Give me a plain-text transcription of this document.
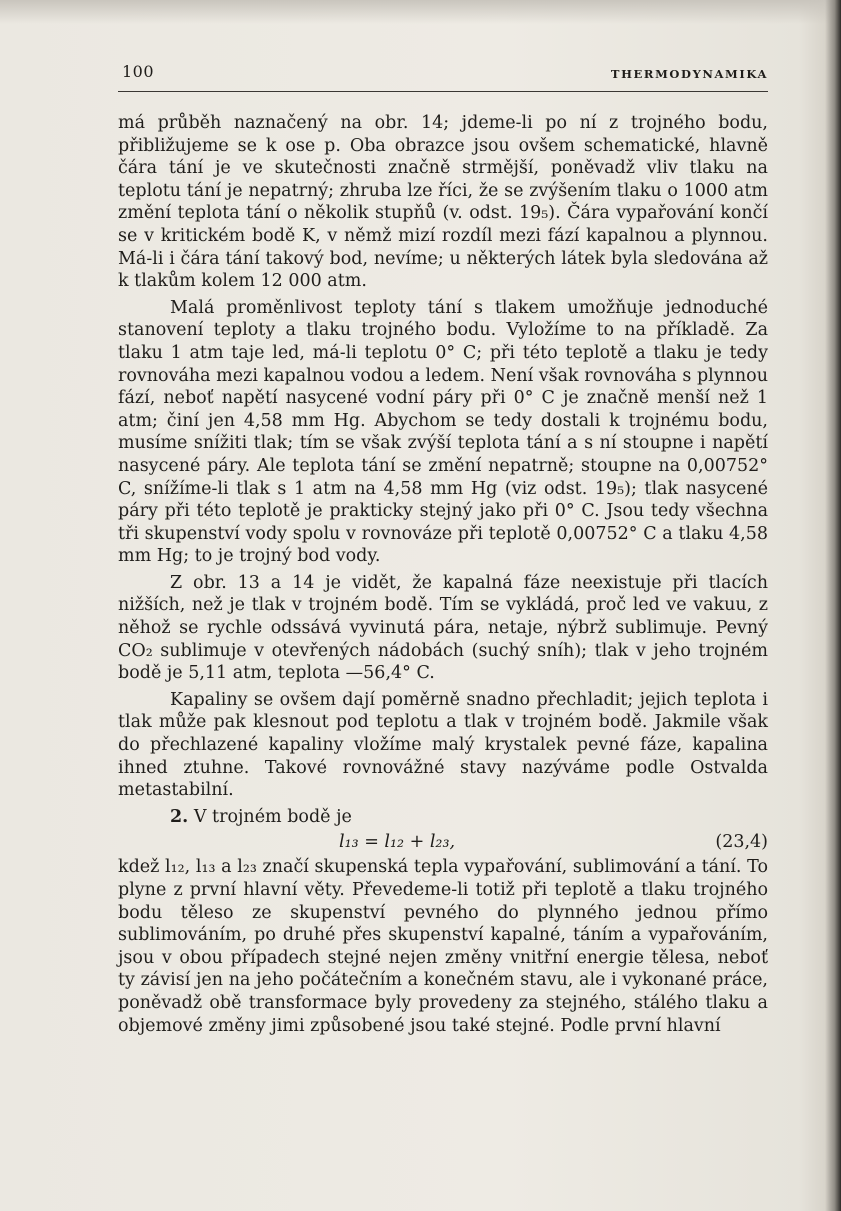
100	THERMODYNAMIKA

má průběh naznačený na obr. 14; jdeme-li po ní z trojného bodu, přibližujeme se k ose p. Oba obrazce jsou ovšem schematické, hlavně čára tání je ve skutečnosti značně strmější, poněvadž vliv tlaku na teplotu tání je nepatrný; zhruba lze říci, že se zvýšením tlaku o 1000 atm změní teplota tání o několik stupňů (v. odst. 19₅). Čára vypařování končí se v kritickém bodě K, v němž mizí rozdíl mezi fází kapalnou a plynnou. Má-li i čára tání takový bod, nevíme; u některých látek byla sledována až k tlakům kolem 12 000 atm.

Malá proměnlivost teploty tání s tlakem umožňuje jednoduché stanovení teploty a tlaku trojného bodu. Vyložíme to na příkladě. Za tlaku 1 atm taje led, má-li teplotu 0° C; při této teplotě a tlaku je tedy rovnováha mezi kapalnou vodou a ledem. Není však rovnováha s plynnou fází, neboť napětí nasycené vodní páry při 0° C je značně menší než 1 atm; činí jen 4,58 mm Hg. Abychom se tedy dostali k trojnému bodu, musíme snížiti tlak; tím se však zvýší teplota tání a s ní stoupne i napětí nasycené páry. Ale teplota tání se změní nepatrně; stoupne na 0,00752° C, snížíme-li tlak s 1 atm na 4,58 mm Hg (viz odst. 19₅); tlak nasycené páry při této teplotě je prakticky stejný jako při 0° C. Jsou tedy všechna tři skupenství vody spolu v rovnováze při teplotě 0,00752° C a tlaku 4,58 mm Hg; to je trojný bod vody.

Z obr. 13 a 14 je vidět, že kapalná fáze neexistuje při tlacích nižších, než je tlak v trojném bodě. Tím se vykládá, proč led ve vakuu, z něhož se rychle odssává vyvinutá pára, netaje, nýbrž sublimuje. Pevný CO₂ sublimuje v otevřených nádobách (suchý sníh); tlak v jeho trojném bodě je 5,11 atm, teplota —56,4° C.

Kapaliny se ovšem dají poměrně snadno přechladit; jejich teplota i tlak může pak klesnout pod teplotu a tlak v trojném bodě. Jakmile však do přechlazené kapaliny vložíme malý krystalek pevné fáze, kapalina ihned ztuhne. Takové rovnovážné stavy nazýváme podle Ostvalda metastabilní.

2. V trojném bodě je

l₁₃ = l₁₂ + l₂₃,	(23,4)

kdež l₁₂, l₁₃ a l₂₃ značí skupenská tepla vypařování, sublimování a tání. To plyne z první hlavní věty. Převedeme-li totiž při teplotě a tlaku trojného bodu těleso ze skupenství pevného do plynného jednou přímo sublimováním, po druhé přes skupenství kapalné, táním a vypařováním, jsou v obou případech stejné nejen změny vnitřní energie tělesa, neboť ty závisí jen na jeho počátečním a konečném stavu, ale i vykonané práce, poněvadž obě transformace byly provedeny za stejného, stálého tlaku a objemové změny jimi způsobené jsou také stejné. Podle první hlavní
